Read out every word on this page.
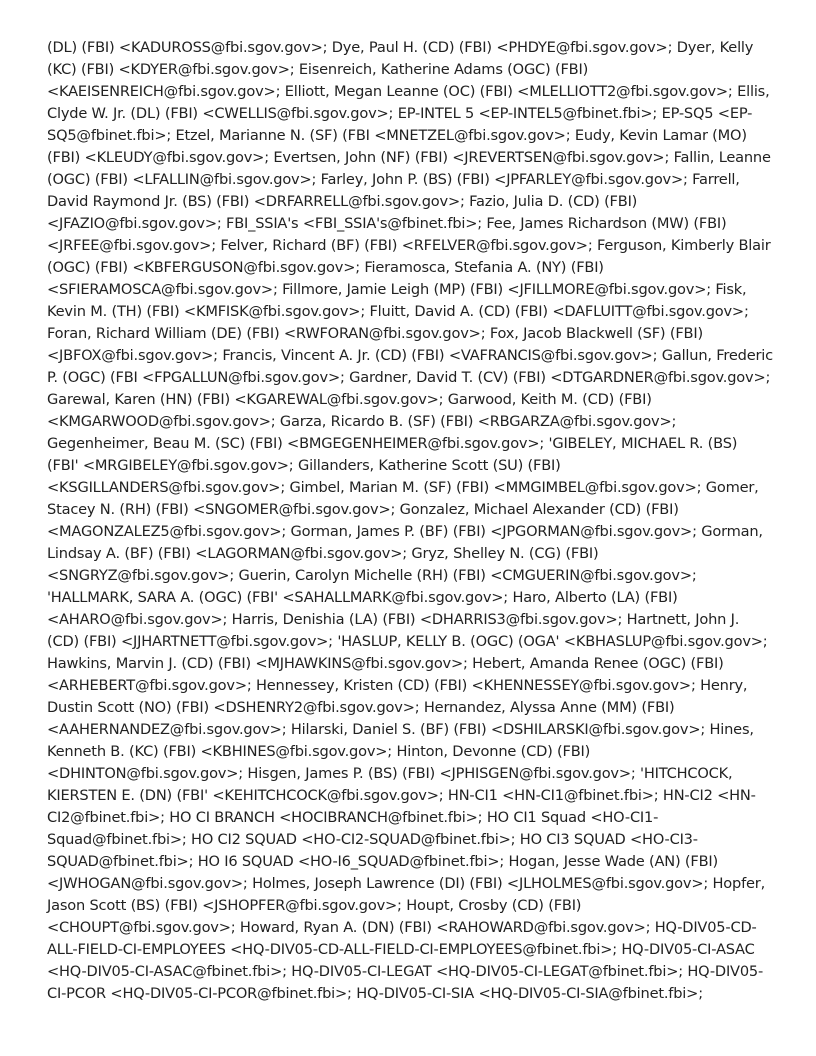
(DL) (FBI) <KADUROSS@fbi.sgov.gov>; Dye, Paul H. (CD) (FBI) <PHDYE@fbi.sgov.gov>; Dyer, Kelly (KC) (FBI) <KDYER@fbi.sgov.gov>; Eisenreich, Katherine Adams (OGC) (FBI) <KAEISENREICH@fbi.sgov.gov>; Elliott, Megan Leanne (OC) (FBI) <MLELLIOTT2@fbi.sgov.gov>; Ellis, Clyde W. Jr. (DL) (FBI) <CWELLIS@fbi.sgov.gov>; EP-INTEL 5 <EP-INTEL5@fbinet.fbi>; EP-SQ5 <EP-SQ5@fbinet.fbi>; Etzel, Marianne N. (SF) (FBI <MNETZEL@fbi.sgov.gov>; Eudy, Kevin Lamar (MO) (FBI) <KLEUDY@fbi.sgov.gov>; Evertsen, John (NF) (FBI) <JREVERTSEN@fbi.sgov.gov>; Fallin, Leanne (OGC) (FBI) <LFALLIN@fbi.sgov.gov>; Farley, John P. (BS) (FBI) <JPFARLEY@fbi.sgov.gov>; Farrell, David Raymond Jr. (BS) (FBI) <DRFARRELL@fbi.sgov.gov>; Fazio, Julia D. (CD) (FBI) <JFAZIO@fbi.sgov.gov>; FBI_SSIA's <FBI_SSIA's@fbinet.fbi>; Fee, James Richardson (MW) (FBI) <JRFEE@fbi.sgov.gov>; Felver, Richard (BF) (FBI) <RFELVER@fbi.sgov.gov>; Ferguson, Kimberly Blair (OGC) (FBI) <KBFERGUSON@fbi.sgov.gov>; Fieramosca, Stefania A. (NY) (FBI) <SFIERAMOSCA@fbi.sgov.gov>; Fillmore, Jamie Leigh (MP) (FBI) <JFILLMORE@fbi.sgov.gov>; Fisk, Kevin M. (TH) (FBI) <KMFISK@fbi.sgov.gov>; Fluitt, David A. (CD) (FBI) <DAFLUITT@fbi.sgov.gov>; Foran, Richard William (DE) (FBI) <RWFORAN@fbi.sgov.gov>; Fox, Jacob Blackwell (SF) (FBI) <JBFOX@fbi.sgov.gov>; Francis, Vincent A. Jr. (CD) (FBI) <VAFRANCIS@fbi.sgov.gov>; Gallun, Frederic P. (OGC) (FBI <FPGALLUN@fbi.sgov.gov>; Gardner, David T. (CV) (FBI) <DTGARDNER@fbi.sgov.gov>; Garewal, Karen (HN) (FBI) <KGAREWAL@fbi.sgov.gov>; Garwood, Keith M. (CD) (FBI) <KMGARWOOD@fbi.sgov.gov>; Garza, Ricardo B. (SF) (FBI) <RBGARZA@fbi.sgov.gov>; Gegenheimer, Beau M. (SC) (FBI) <BMGEGENHEIMER@fbi.sgov.gov>; 'GIBELEY, MICHAEL R. (BS) (FBI' <MRGIBELEY@fbi.sgov.gov>; Gillanders, Katherine Scott (SU) (FBI) <KSGILLANDERS@fbi.sgov.gov>; Gimbel, Marian M. (SF) (FBI) <MMGIMBEL@fbi.sgov.gov>; Gomer, Stacey N. (RH) (FBI) <SNGOMER@fbi.sgov.gov>; Gonzalez, Michael Alexander (CD) (FBI) <MAGONZALEZ5@fbi.sgov.gov>; Gorman, James P. (BF) (FBI) <JPGORMAN@fbi.sgov.gov>; Gorman, Lindsay A. (BF) (FBI) <LAGORMAN@fbi.sgov.gov>; Gryz, Shelley N. (CG) (FBI) <SNGRYZ@fbi.sgov.gov>; Guerin, Carolyn Michelle (RH) (FBI) <CMGUERIN@fbi.sgov.gov>; 'HALLMARK, SARA A. (OGC) (FBI' <SAHALLMARK@fbi.sgov.gov>; Haro, Alberto (LA) (FBI) <AHARO@fbi.sgov.gov>; Harris, Denishia (LA) (FBI) <DHARRIS3@fbi.sgov.gov>; Hartnett, John J. (CD) (FBI) <JJHARTNETT@fbi.sgov.gov>; 'HASLUP, KELLY B. (OGC) (OGA' <KBHASLUP@fbi.sgov.gov>; Hawkins, Marvin J. (CD) (FBI) <MJHAWKINS@fbi.sgov.gov>; Hebert, Amanda Renee (OGC) (FBI) <ARHEBERT@fbi.sgov.gov>; Hennessey, Kristen (CD) (FBI) <KHENNESSEY@fbi.sgov.gov>; Henry, Dustin Scott (NO) (FBI) <DSHENRY2@fbi.sgov.gov>; Hernandez, Alyssa Anne (MM) (FBI) <AAHERNANDEZ@fbi.sgov.gov>; Hilarski, Daniel S. (BF) (FBI) <DSHILARSKI@fbi.sgov.gov>; Hines, Kenneth B. (KC) (FBI) <KBHINES@fbi.sgov.gov>; Hinton, Devonne (CD) (FBI) <DHINTON@fbi.sgov.gov>; Hisgen, James P. (BS) (FBI) <JPHISGEN@fbi.sgov.gov>; 'HITCHCOCK, KIERSTEN E. (DN) (FBI' <KEHITCHCOCK@fbi.sgov.gov>; HN-CI1 <HN-CI1@fbinet.fbi>; HN-CI2 <HN-CI2@fbinet.fbi>; HO CI BRANCH <HOCIBRANCH@fbinet.fbi>; HO CI1 Squad <HO-CI1-Squad@fbinet.fbi>; HO CI2 SQUAD <HO-CI2-SQUAD@fbinet.fbi>; HO CI3 SQUAD <HO-CI3-SQUAD@fbinet.fbi>; HO I6 SQUAD <HO-I6_SQUAD@fbinet.fbi>; Hogan, Jesse Wade (AN) (FBI) <JWHOGAN@fbi.sgov.gov>; Holmes, Joseph Lawrence (DI) (FBI) <JLHOLMES@fbi.sgov.gov>; Hopfer, Jason Scott (BS) (FBI) <JSHOPFER@fbi.sgov.gov>; Houpt, Crosby (CD) (FBI) <CHOUPT@fbi.sgov.gov>; Howard, Ryan A. (DN) (FBI) <RAHOWARD@fbi.sgov.gov>; HQ-DIV05-CD-ALL-FIELD-CI-EMPLOYEES <HQ-DIV05-CD-ALL-FIELD-CI-EMPLOYEES@fbinet.fbi>; HQ-DIV05-CI-ASAC <HQ-DIV05-CI-ASAC@fbinet.fbi>; HQ-DIV05-CI-LEGAT <HQ-DIV05-CI-LEGAT@fbinet.fbi>; HQ-DIV05-CI-PCOR <HQ-DIV05-CI-PCOR@fbinet.fbi>; HQ-DIV05-CI-SIA <HQ-DIV05-CI-SIA@fbinet.fbi>;
